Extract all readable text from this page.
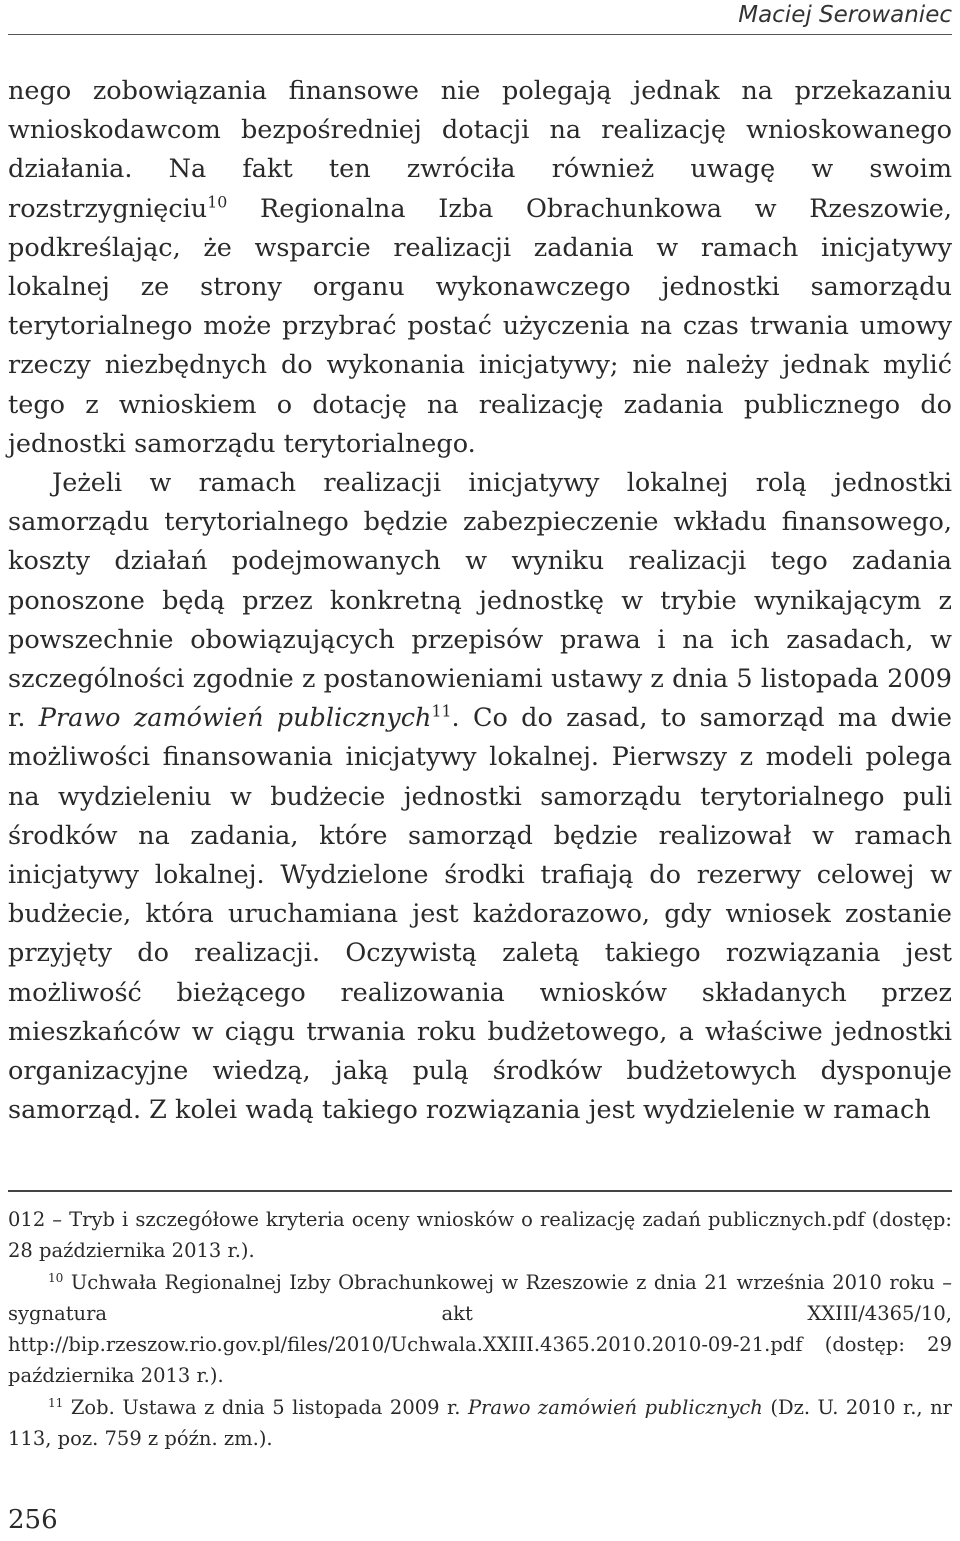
Maciej Serowaniec

nego zobowiązania finansowe nie polegają jednak na przekazaniu wnioskodawcom bezpośredniej dotacji na realizację wnioskowanego działania. Na fakt ten zwróciła również uwagę w swoim rozstrzygnięciu$^{10}$ Regionalna Izba Obrachunkowa w Rzeszowie, podkreślając, że wsparcie realizacji zadania w ramach inicjatywy lokalnej ze strony organu wykonawczego jednostki samorządu terytorialnego może przybrać postać użyczenia na czas trwania umowy rzeczy niezbędnych do wykonania inicjatywy; nie należy jednak mylić tego z wnioskiem o dotację na realizację zadania publicznego do jednostki samorządu terytorialnego.

Jeżeli w ramach realizacji inicjatywy lokalnej rolą jednostki samorządu terytorialnego będzie zabezpieczenie wkładu finansowego, koszty działań podejmowanych w wyniku realizacji tego zadania ponoszone będą przez konkretną jednostkę w trybie wynikającym z powszechnie obowiązujących przepisów prawa i na ich zasadach, w szczególności zgodnie z postanowieniami ustawy z dnia 5 listopada 2009 r. Prawo zamówień publicznych$^{11}$. Co do zasad, to samorząd ma dwie możliwości finansowania inicjatywy lokalnej. Pierwszy z modeli polega na wydzieleniu w budżecie jednostki samorządu terytorialnego puli środków na zadania, które samorząd będzie realizował w ramach inicjatywy lokalnej. Wydzielone środki trafiają do rezerwy celowej w budżecie, która uruchamiana jest każdorazowo, gdy wniosek zostanie przyjęty do realizacji. Oczywistą zaletą takiego rozwiązania jest możliwość bieżącego realizowania wniosków składanych przez mieszkańców w ciągu trwania roku budżetowego, a właściwe jednostki organizacyjne wiedzą, jaką pulą środków budżetowych dysponuje samorząd. Z kolei wadą takiego rozwiązania jest wydzielenie w ramach

012 – Tryb i szczegółowe kryteria oceny wniosków o realizację zadań publicznych.pdf (dostęp: 28 października 2013 r.).

$^{10}$ Uchwała Regionalnej Izby Obrachunkowej w Rzeszowie z dnia 21 września 2010 roku – sygnatura akt XXIII/4365/10, http://bip.rzeszow.rio.gov.pl/files/2010/Uchwala.XXIII.4365.2010.2010-09-21.pdf (dostęp: 29 października 2013 r.).

$^{11}$ Zob. Ustawa z dnia 5 listopada 2009 r. Prawo zamówień publicznych (Dz. U. 2010 r., nr 113, poz. 759 z późn. zm.).

256
